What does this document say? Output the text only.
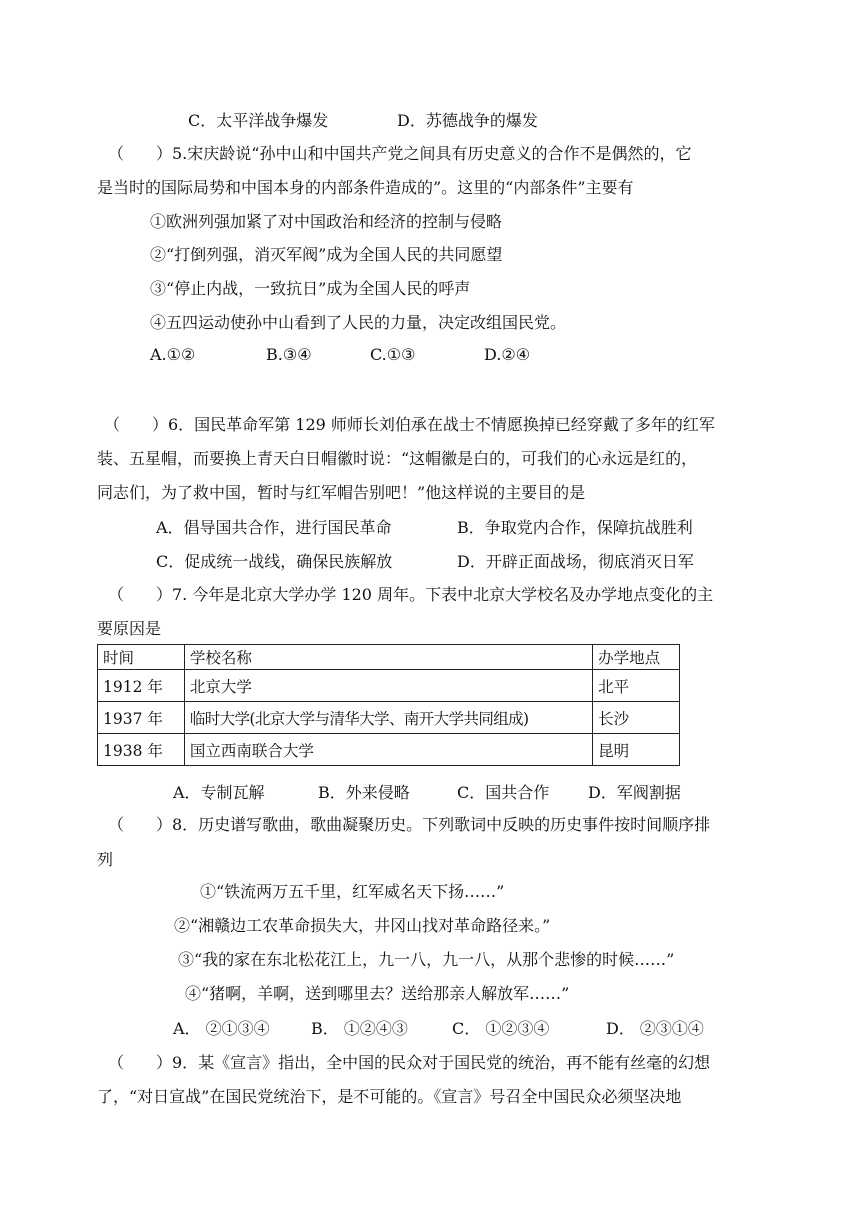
C．太平洋战争爆发	D．苏德战争的爆发
（　　）5.宋庆龄说“孙中山和中国共产党之间具有历史意义的合作不是偶然的，它
是当时的国际局势和中国本身的内部条件造成的”。这里的“内部条件”主要有
①欧洲列强加紧了对中国政治和经济的控制与侵略
②“打倒列强，消灭军阀”成为全国人民的共同愿望
③“停止内战，一致抗日”成为全国人民的呼声
④五四运动使孙中山看到了人民的力量，决定改组国民党。
A.①②	B.③④	C.①③	D.②④
（　　）6．国民革命军第 129 师师长刘伯承在战士不情愿换掉已经穿戴了多年的红军
装、五星帽，而要换上青天白日帽徽时说：“这帽徽是白的，可我们的心永远是红的，
同志们，为了救中国，暂时与红军帽告别吧！”他这样说的主要目的是
A．倡导国共合作，进行国民革命	B．争取党内合作，保障抗战胜利
C．促成统一战线，确保民族解放	D．开辟正面战场，彻底消灭日军
（　　）7. 今年是北京大学办学 120 周年。下表中北京大学校名及办学地点变化的主
要原因是
时间	学校名称	办学地点
1912 年	北京大学	北平
1937 年	临时大学(北京大学与清华大学、南开大学共同组成)	长沙
1938 年	国立西南联合大学	昆明
A．专制瓦解	B．外来侵略	C．国共合作 D．军阀割据
（　　）8．历史谱写歌曲，歌曲凝聚历史。下列歌词中反映的历史事件按时间顺序排
列
①“铁流两万五千里，红军威名天下扬……”
②“湘赣边工农革命损失大，井冈山找对革命路径来。”
③“我的家在东北松花江上，九一八，九一八，从那个悲惨的时候……”
④“猪啊，羊啊，送到哪里去？送给那亲人解放军……”
A． ②①③④	B． ①②④③	C． ①②③④	D． ②③①④
（　　）9．某《宣言》指出，全中国的民众对于国民党的统治，再不能有丝毫的幻想
了，“对日宣战”在国民党统治下，是不可能的。《宣言》号召全中国民众必须坚决地
